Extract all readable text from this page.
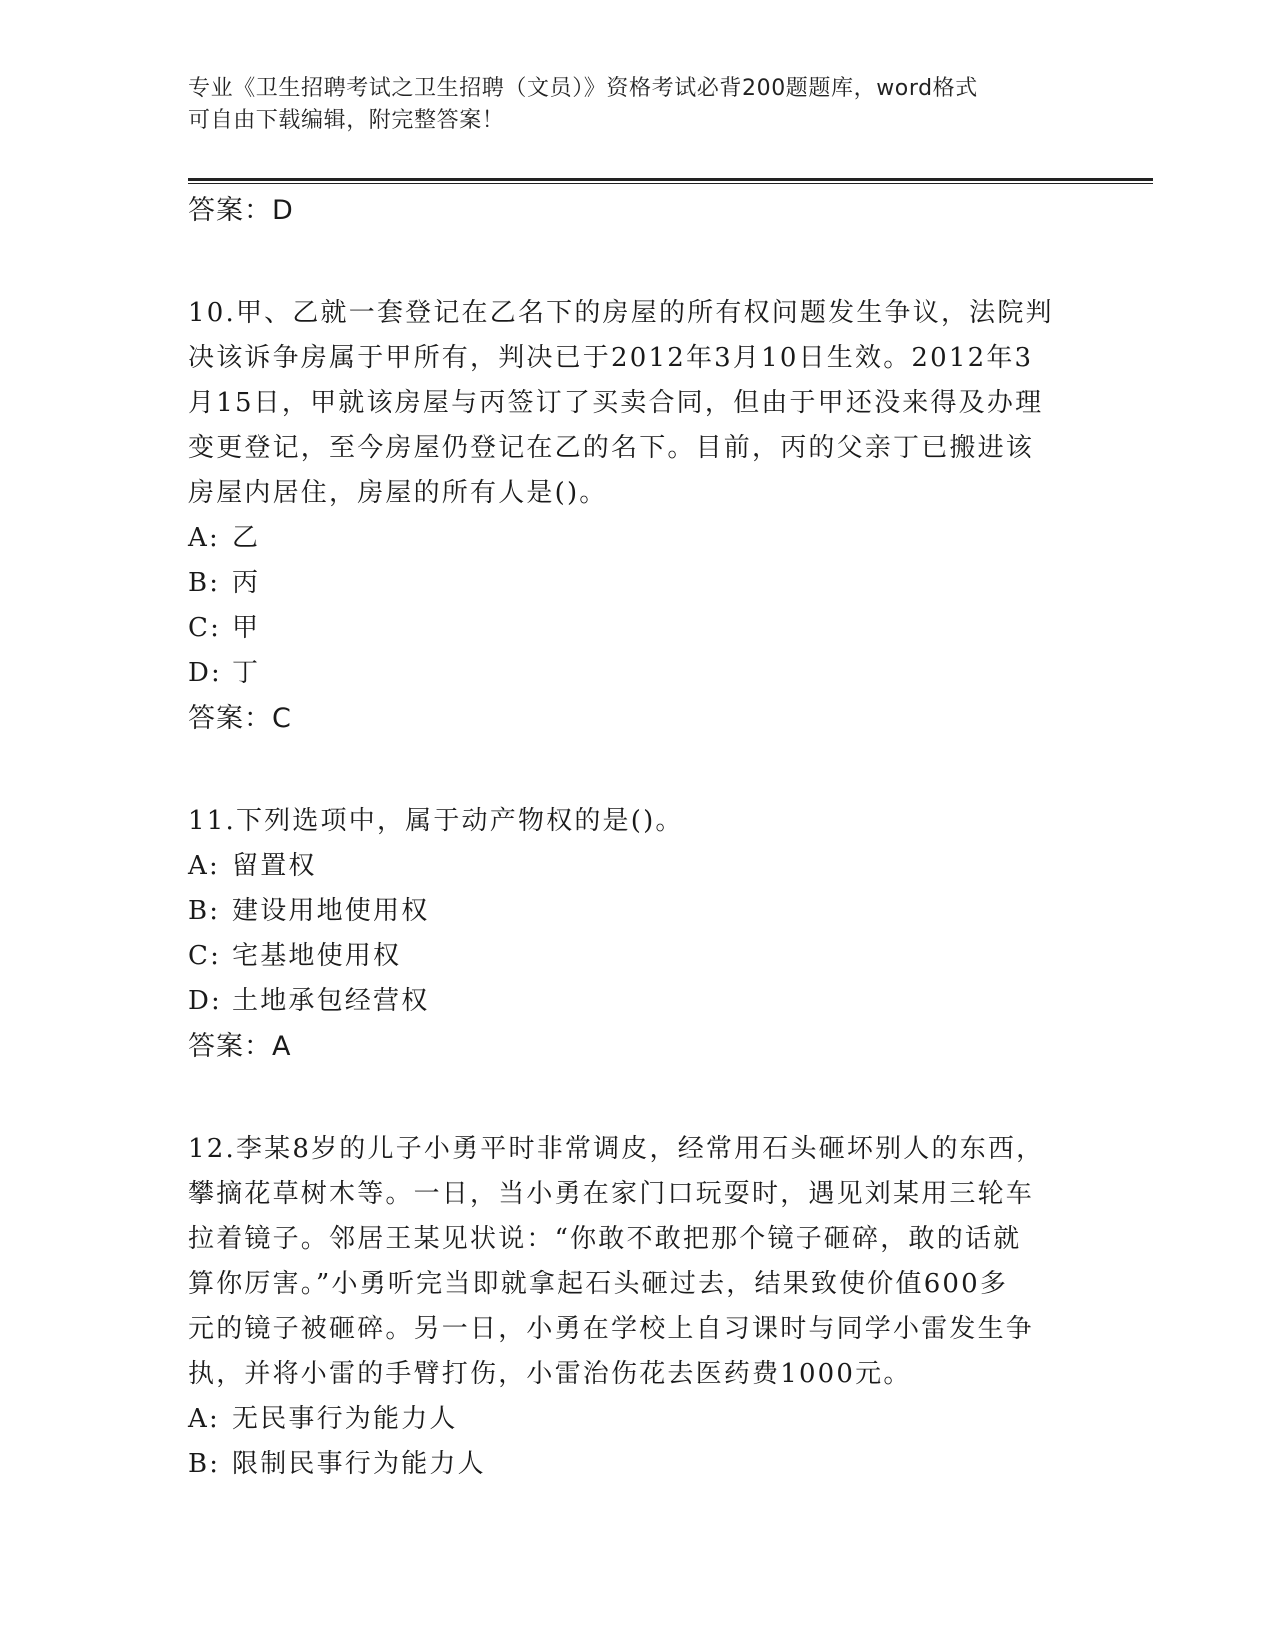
专业《卫生招聘考试之卫生招聘（文员）》资格考试必背200题题库，word格式
可自由下载编辑，附完整答案！
答案：D
10.甲、乙就一套登记在乙名下的房屋的所有权问题发生争议，法院判
决该诉争房属于甲所有，判决已于2012年3月10日生效。2012年3
月15日，甲就该房屋与丙签订了买卖合同，但由于甲还没来得及办理
变更登记，至今房屋仍登记在乙的名下。目前，丙的父亲丁已搬进该
房屋内居住，房屋的所有人是()。
A: 乙
B: 丙
C: 甲
D: 丁
答案：C
11.下列选项中，属于动产物权的是()。
A: 留置权
B: 建设用地使用权
C: 宅基地使用权
D: 土地承包经营权
答案：A
12.李某8岁的儿子小勇平时非常调皮，经常用石头砸坏别人的东西，
攀摘花草树木等。一日，当小勇在家门口玩耍时，遇见刘某用三轮车
拉着镜子。邻居王某见状说：“你敢不敢把那个镜子砸碎，敢的话就
算你厉害。”小勇听完当即就拿起石头砸过去，结果致使价值600多
元的镜子被砸碎。另一日，小勇在学校上自习课时与同学小雷发生争
执，并将小雷的手臂打伤，小雷治伤花去医药费1000元。
A: 无民事行为能力人
B: 限制民事行为能力人
